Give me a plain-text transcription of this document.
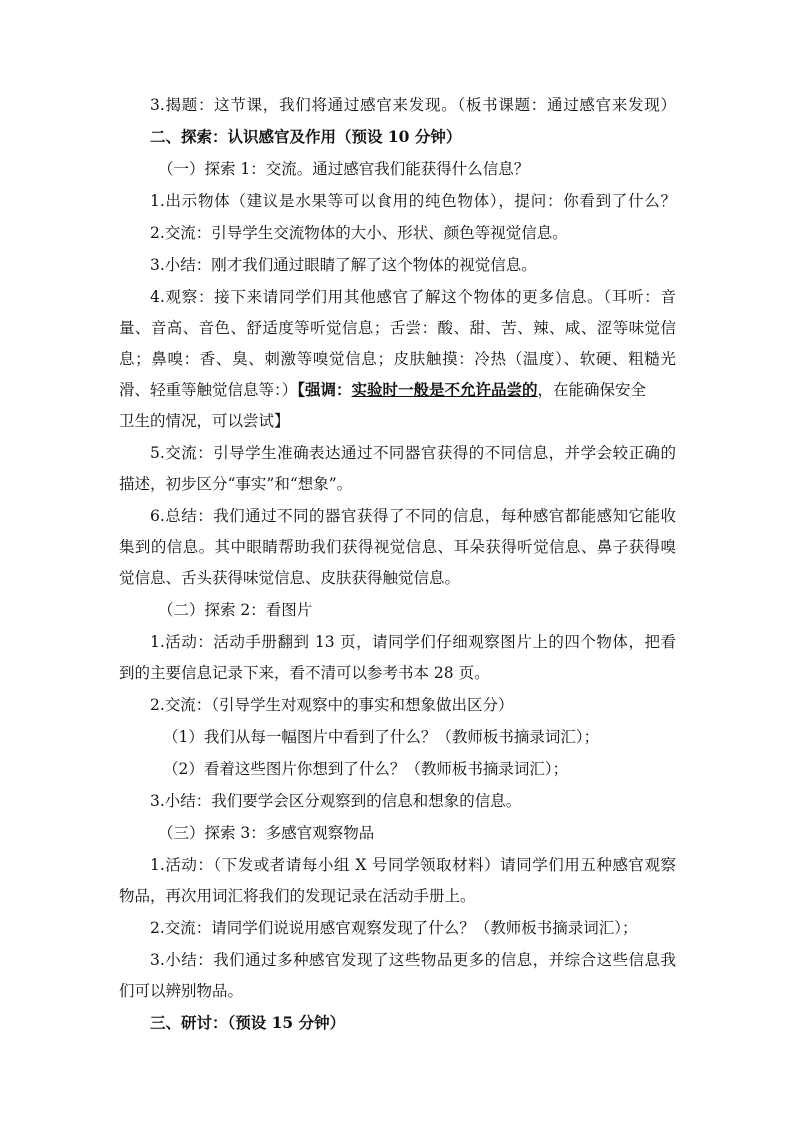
3.揭题：这节课，我们将通过感官来发现。（板书课题：通过感官来发现）
二、探索：认识感官及作用（预设 10 分钟）
（一）探索 1：交流。通过感官我们能获得什么信息？
1.出示物体（建议是水果等可以食用的纯色物体），提问：你看到了什么？
2.交流：引导学生交流物体的大小、形状、颜色等视觉信息。
3.小结：刚才我们通过眼睛了解了这个物体的视觉信息。
4.观察：接下来请同学们用其他感官了解这个物体的更多信息。（耳听：音
量、音高、音色、舒适度等听觉信息；舌尝：酸、甜、苦、辣、咸、涩等味觉信
息；鼻嗅：香、臭、刺激等嗅觉信息；皮肤触摸：冷热（温度）、软硬、粗糙光
滑、轻重等触觉信息等：）【强调：实验时一般是不允许品尝的，在能确保安全
卫生的情况，可以尝试】
5.交流：引导学生准确表达通过不同器官获得的不同信息，并学会较正确的
描述，初步区分“事实”和“想象”。
6.总结：我们通过不同的器官获得了不同的信息，每种感官都能感知它能收
集到的信息。其中眼睛帮助我们获得视觉信息、耳朵获得听觉信息、鼻子获得嗅
觉信息、舌头获得味觉信息、皮肤获得触觉信息。
（二）探索 2：看图片
1.活动：活动手册翻到 13 页，请同学们仔细观察图片上的四个物体，把看
到的主要信息记录下来，看不清可以参考书本 28 页。
2.交流：（引导学生对观察中的事实和想象做出区分）
（1）我们从每一幅图片中看到了什么？（教师板书摘录词汇）；
（2）看着这些图片你想到了什么？（教师板书摘录词汇）；
3.小结：我们要学会区分观察到的信息和想象的信息。
（三）探索 3：多感官观察物品
1.活动：（下发或者请每小组 X 号同学领取材料）请同学们用五种感官观察
物品，再次用词汇将我们的发现记录在活动手册上。
2.交流：请同学们说说用感官观察发现了什么？（教师板书摘录词汇）；
3.小结：我们通过多种感官发现了这些物品更多的信息，并综合这些信息我
们可以辨别物品。
三、研讨：（预设 15 分钟）
